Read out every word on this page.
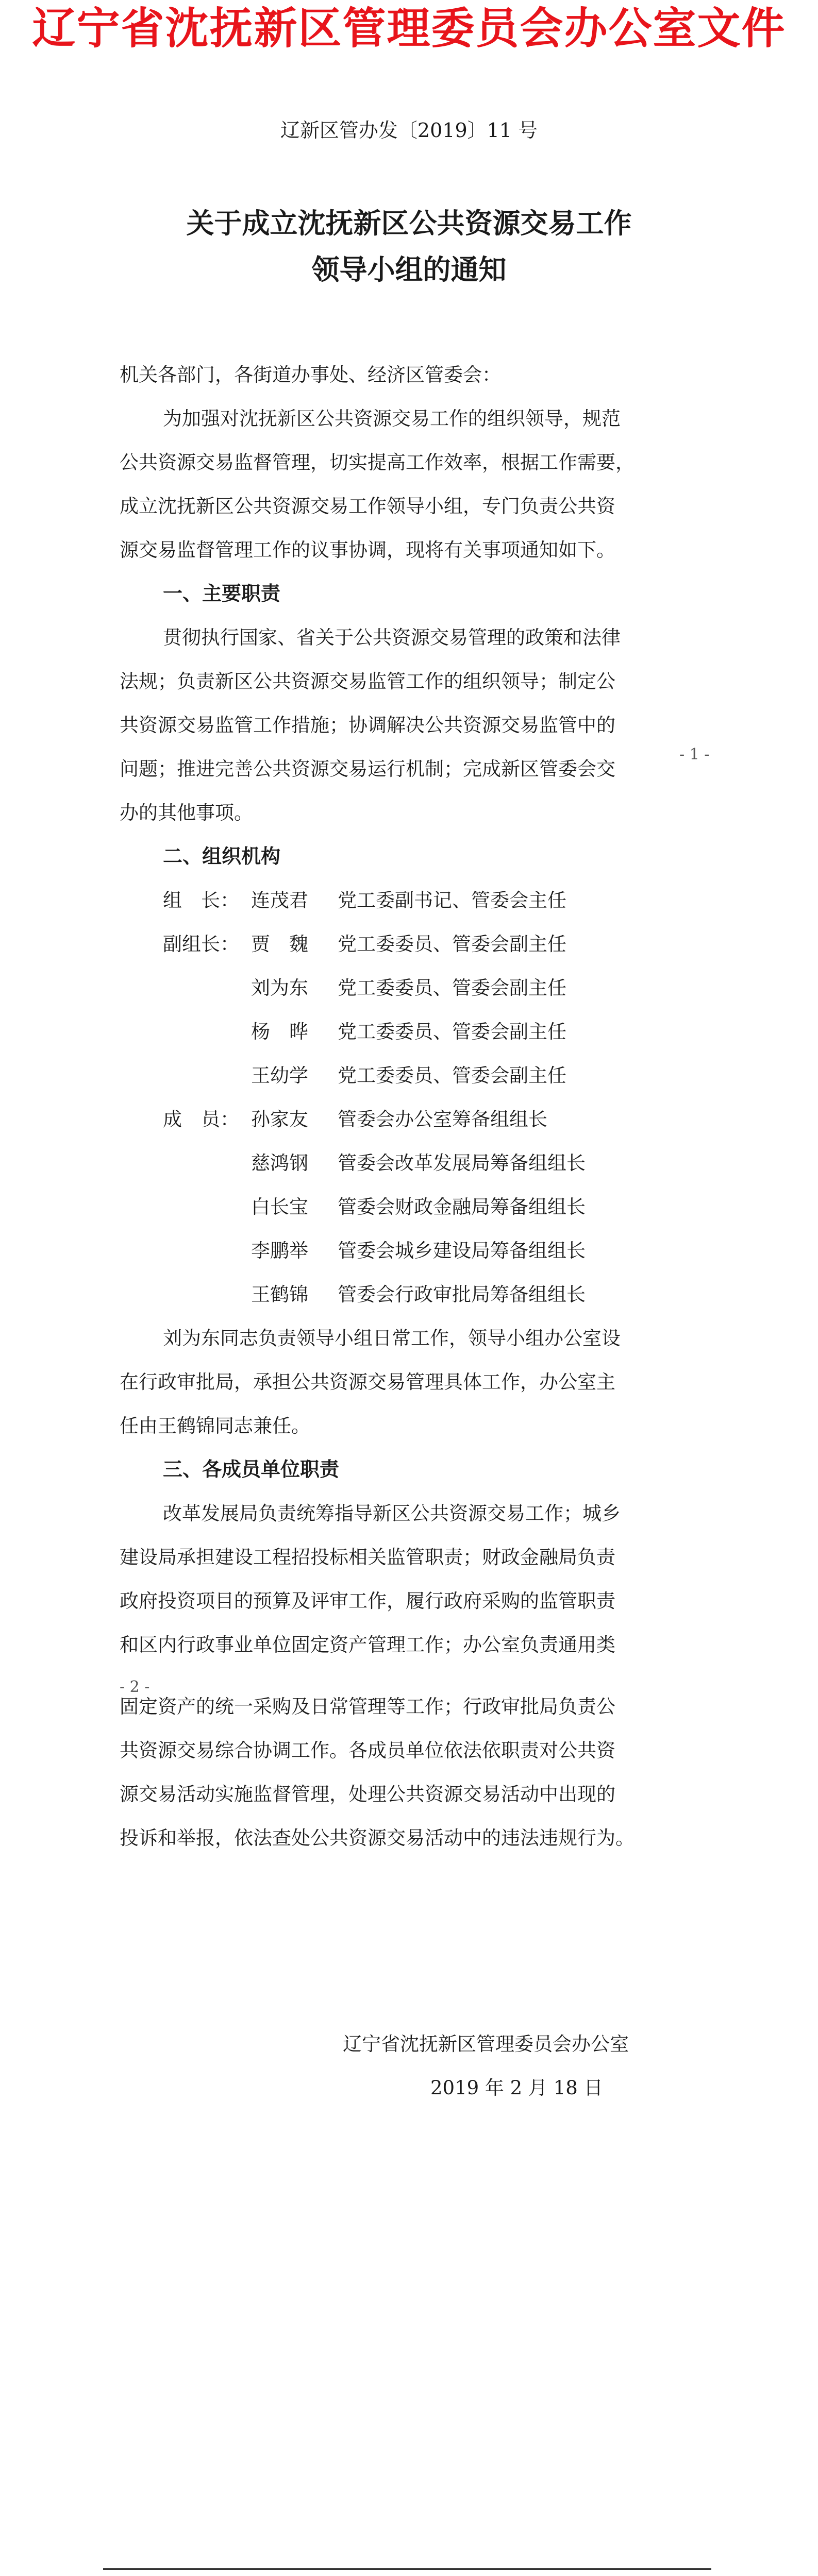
辽宁省沈抚新区管理委员会办公室文件
辽新区管办发〔2019〕11 号
关于成立沈抚新区公共资源交易工作
领导小组的通知
机关各部门，各街道办事处、经济区管委会：
为加强对沈抚新区公共资源交易工作的组织领导，规范
公共资源交易监督管理，切实提高工作效率，根据工作需要，
成立沈抚新区公共资源交易工作领导小组，专门负责公共资
源交易监督管理工作的议事协调，现将有关事项通知如下。
一、主要职责
贯彻执行国家、省关于公共资源交易管理的政策和法律
法规；负责新区公共资源交易监管工作的组织领导；制定公
共资源交易监管工作措施；协调解决公共资源交易监管中的
- 1 -
问题；推进完善公共资源交易运行机制；完成新区管委会交
办的其他事项。
二、组织机构
组　长： 连茂君 党工委副书记、管委会主任
副组长： 贾　魏 党工委委员、管委会副主任
刘为东 党工委委员、管委会副主任
杨　晔 党工委委员、管委会副主任
王幼学 党工委委员、管委会副主任
成　员： 孙家友 管委会办公室筹备组组长
慈鸿钢 管委会改革发展局筹备组组长
白长宝 管委会财政金融局筹备组组长
李鹏举 管委会城乡建设局筹备组组长
王鹤锦 管委会行政审批局筹备组组长
刘为东同志负责领导小组日常工作，领导小组办公室设
在行政审批局，承担公共资源交易管理具体工作，办公室主
任由王鹤锦同志兼任。
三、各成员单位职责
改革发展局负责统筹指导新区公共资源交易工作；城乡
建设局承担建设工程招投标相关监管职责；财政金融局负责
政府投资项目的预算及评审工作，履行政府采购的监管职责
和区内行政事业单位固定资产管理工作；办公室负责通用类
- 2 -
固定资产的统一采购及日常管理等工作；行政审批局负责公
共资源交易综合协调工作。各成员单位依法依职责对公共资
源交易活动实施监督管理，处理公共资源交易活动中出现的
投诉和举报，依法查处公共资源交易活动中的违法违规行为。
辽宁省沈抚新区管理委员会办公室
2019 年 2 月 18 日
